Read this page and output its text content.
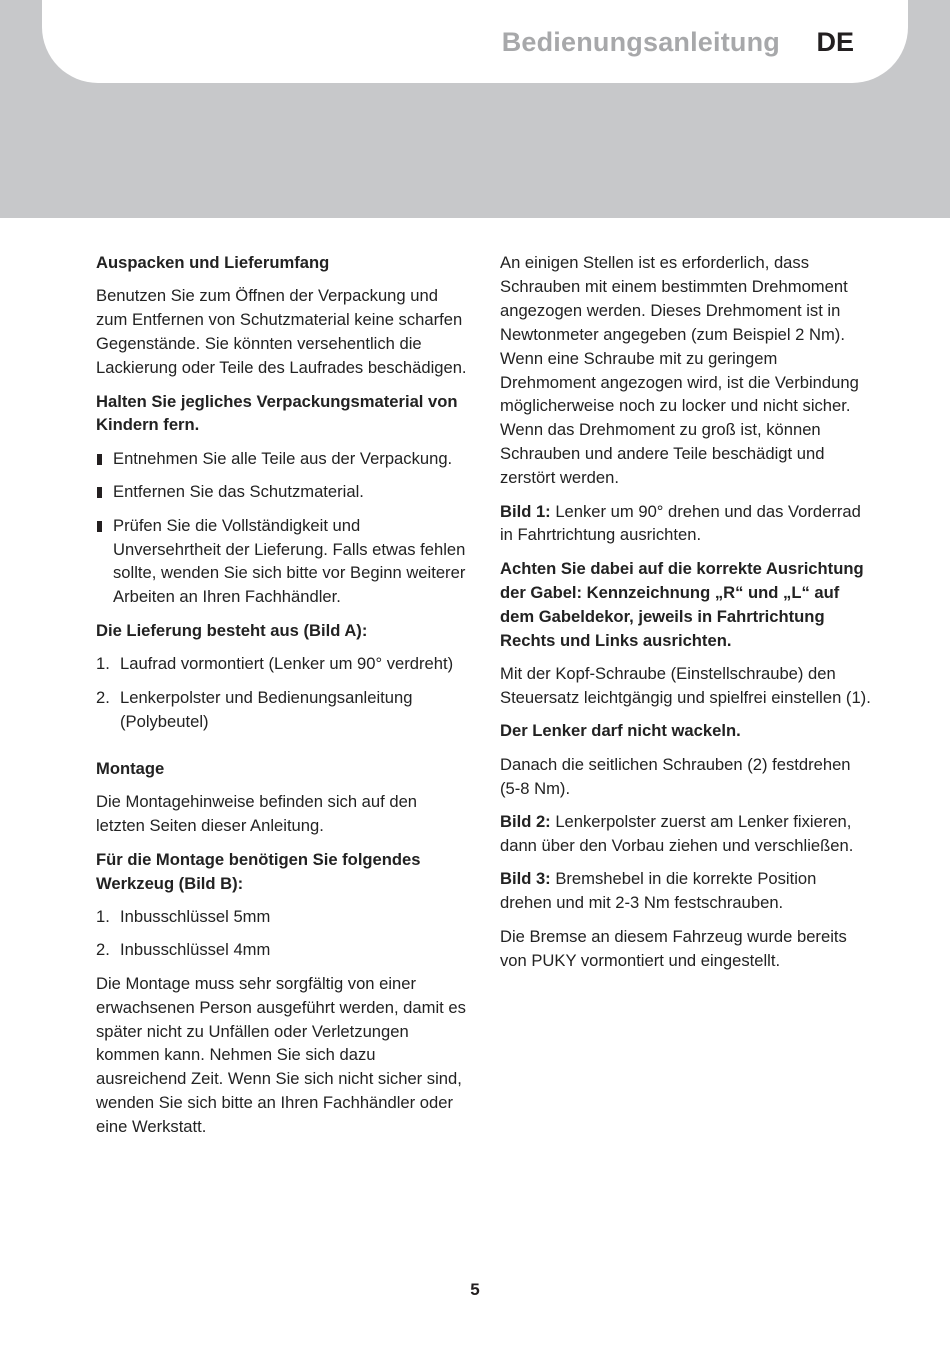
Bedienungsanleitung DE

Auspacken und Lieferumfang

Benutzen Sie zum Öffnen der Verpackung und zum Entfernen von Schutzmaterial keine scharfen Gegenstände. Sie könnten versehentlich die Lackierung oder Teile des Laufrades beschädigen.

Halten Sie jegliches Verpackungsmaterial von Kindern fern.

Entnehmen Sie alle Teile aus der Verpackung.
Entfernen Sie das Schutzmaterial.
Prüfen Sie die Vollständigkeit und Unversehrtheit der Lieferung. Falls etwas fehlen sollte, wenden Sie sich bitte vor Beginn weiterer Arbeiten an Ihren Fachhändler.

Die Lieferung besteht aus (Bild A):

1. Laufrad vormontiert (Lenker um 90° verdreht)
2. Lenkerpolster und Bedienungsanleitung (Polybeutel)

Montage

Die Montagehinweise befinden sich auf den letzten Seiten dieser Anleitung.

Für die Montage benötigen Sie folgendes Werkzeug (Bild B):

1. Inbusschlüssel 5mm
2. Inbusschlüssel 4mm

Die Montage muss sehr sorgfältig von einer erwachsenen Person ausgeführt werden, damit es später nicht zu Unfällen oder Verletzungen kommen kann. Nehmen Sie sich dazu ausreichend Zeit. Wenn Sie sich nicht sicher sind, wenden Sie sich bitte an Ihren Fachhändler oder eine Werkstatt.

An einigen Stellen ist es erforderlich, dass Schrauben mit einem bestimmten Drehmoment angezogen werden. Dieses Drehmoment ist in Newtonmeter angegeben (zum Beispiel 2 Nm). Wenn eine Schraube mit zu geringem Drehmoment angezogen wird, ist die Verbindung möglicherweise noch zu locker und nicht sicher. Wenn das Drehmoment zu groß ist, können Schrauben und andere Teile beschädigt und zerstört werden.

Bild 1: Lenker um 90° drehen und das Vorderrad in Fahrtrichtung ausrichten.

Achten Sie dabei auf die korrekte Ausrichtung der Gabel: Kennzeichnung „R“ und „L“ auf dem Gabeldekor, jeweils in Fahrtrichtung Rechts und Links ausrichten.

Mit der Kopf-Schraube (Einstellschraube) den Steuersatz leichtgängig und spielfrei einstellen (1).

Der Lenker darf nicht wackeln.

Danach die seitlichen Schrauben (2) festdrehen (5-8 Nm).

Bild 2: Lenkerpolster zuerst am Lenker fixieren, dann über den Vorbau ziehen und verschließen.

Bild 3: Bremshebel in die korrekte Position drehen und mit 2-3 Nm festschrauben.

Die Bremse an diesem Fahrzeug wurde bereits von PUKY vormontiert und eingestellt.

5
